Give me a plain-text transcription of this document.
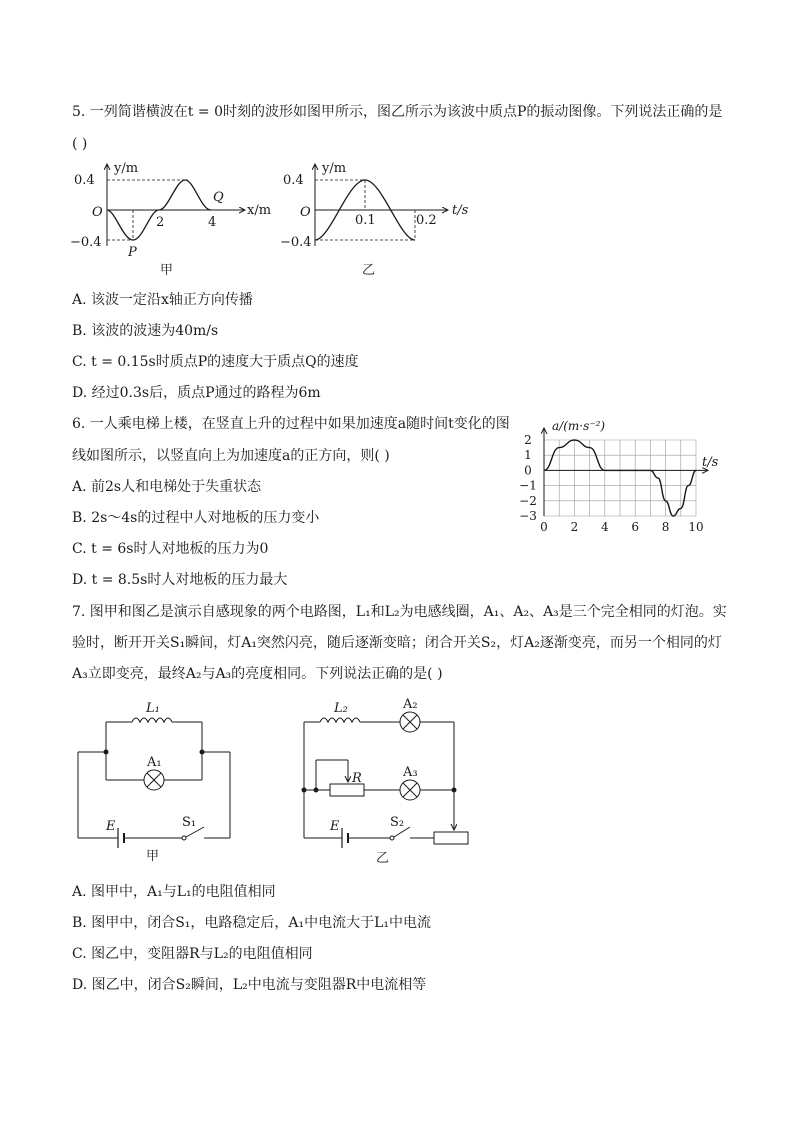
5. 一列简谐横波在t = 0时刻的波形如图甲所示，图乙所示为该波中质点P的振动图像。下列说法正确的是
( )
y/m
0.4
O
−0.4
2	4
x/m
P
Q
甲
y/m
0.4
O
−0.4
0.1	0.2
t/s
乙
A. 该波一定沿x轴正方向传播
B. 该波的波速为40m/s
C. t = 0.15s时质点P的速度大于质点Q的速度
D. 经过0.3s后，质点P通过的路程为6m
6. 一人乘电梯上楼，在竖直上升的过程中如果加速度a随时间t变化的图
线如图所示，以竖直向上为加速度a的正方向，则( )
A. 前2s人和电梯处于失重状态
B. 2s～4s的过程中人对地板的压力变小
C. t = 6s时人对地板的压力为0
D. t = 8.5s时人对地板的压力最大
2
1
0
−1
−2
−3
0 2 4 6 8 10
a/(m·s⁻²)
t/s
7. 图甲和图乙是演示自感现象的两个电路图，L₁和L₂为电感线圈，A₁、A₂、A₃是三个完全相同的灯泡。实
验时，断开开关S₁瞬间，灯A₁突然闪亮，随后逐渐变暗；闭合开关S₂，灯A₂逐渐变亮，而另一个相同的灯
A₃立即变亮，最终A₂与A₃的亮度相同。下列说法正确的是( )
L₁
A₁
E	S₁
甲
L₂	A₂
R	A₃
E	S₂
乙
A. 图甲中，A₁与L₁的电阻值相同
B. 图甲中，闭合S₁，电路稳定后，A₁中电流大于L₁中电流
C. 图乙中，变阻器R与L₂的电阻值相同
D. 图乙中，闭合S₂瞬间，L₂中电流与变阻器R中电流相等
